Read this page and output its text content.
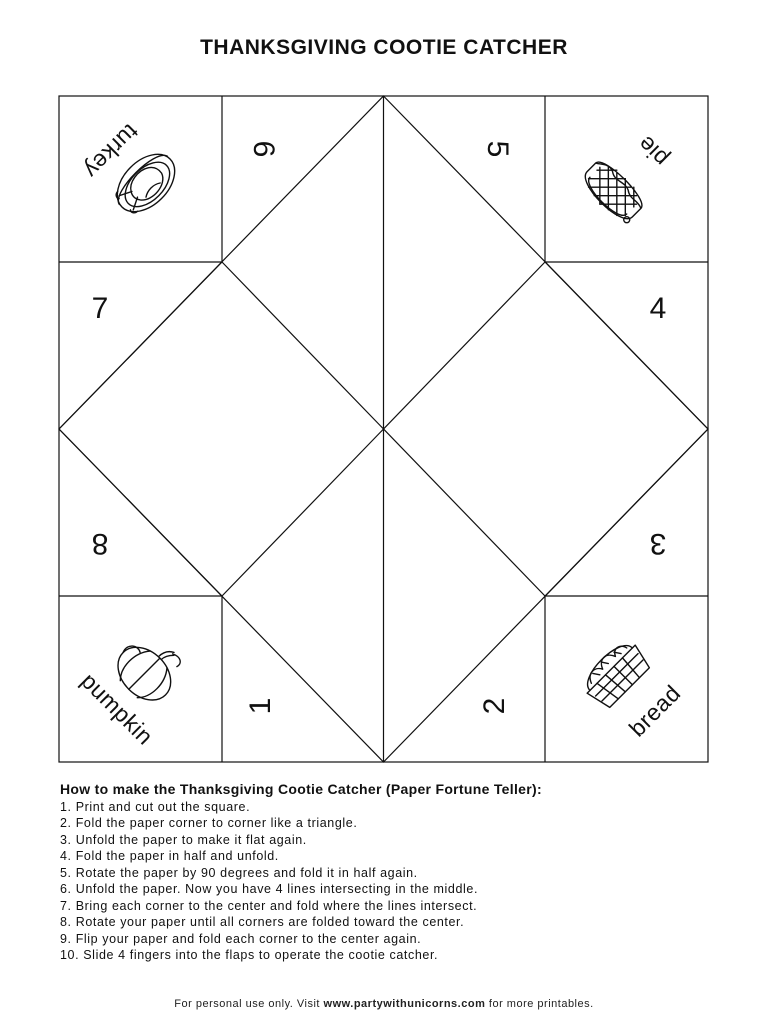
THANKSGIVING COOTIE CATCHER
6	5
7	4
8	3
1	2
turkey	pie
pumpkin	bread
How to make the Thanksgiving Cootie Catcher (Paper Fortune Teller):
1. Print and cut out the square.
2. Fold the paper corner to corner like a triangle.
3. Unfold the paper to make it flat again.
4. Fold the paper in half and unfold.
5. Rotate the paper by 90 degrees and fold it in half again.
6. Unfold the paper. Now you have 4 lines intersecting in the middle.
7. Bring each corner to the center and fold where the lines intersect.
8. Rotate your paper until all corners are folded toward the center.
9. Flip your paper and fold each corner to the center again.
10. Slide 4 fingers into the flaps to operate the cootie catcher.
For personal use only. Visit www.partywithunicorns.com for more printables.
